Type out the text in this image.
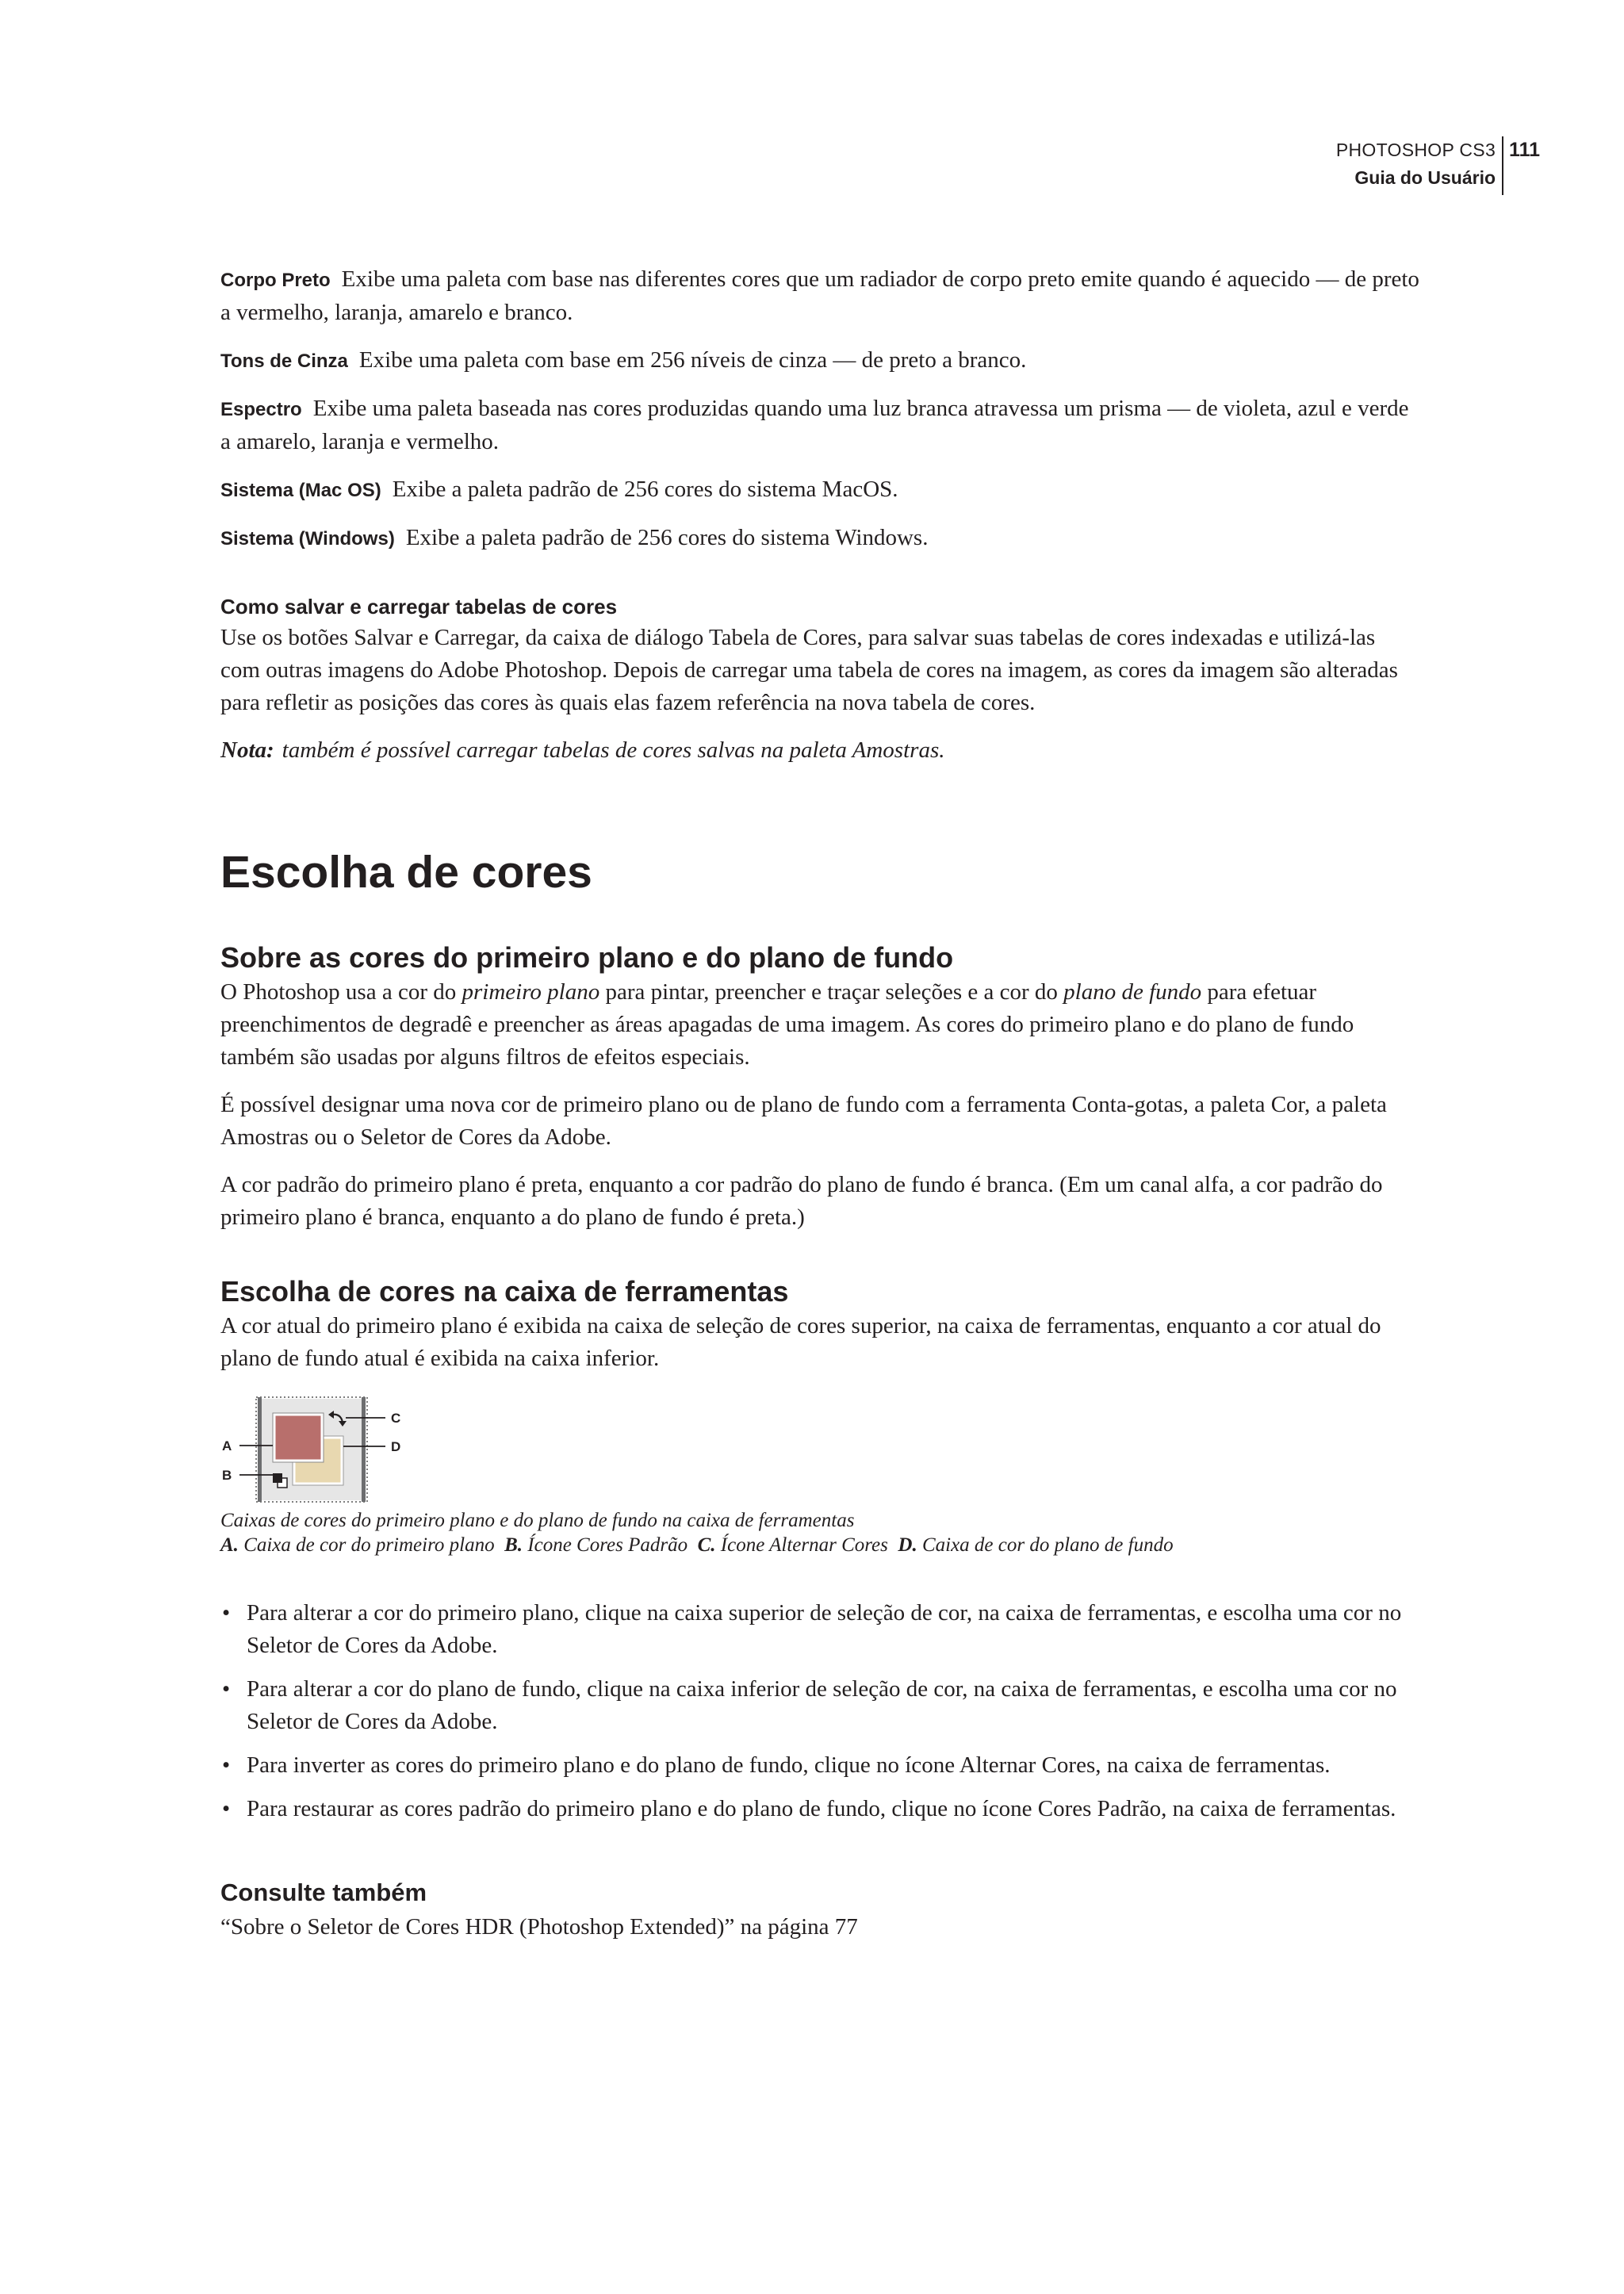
PHOTOSHOP CS3
Guia do Usuário
111

Corpo Preto Exibe uma paleta com base nas diferentes cores que um radiador de corpo preto emite quando é aquecido — de preto a vermelho, laranja, amarelo e branco.

Tons de Cinza Exibe uma paleta com base em 256 níveis de cinza — de preto a branco.

Espectro Exibe uma paleta baseada nas cores produzidas quando uma luz branca atravessa um prisma — de violeta, azul e verde a amarelo, laranja e vermelho.

Sistema (Mac OS) Exibe a paleta padrão de 256 cores do sistema MacOS.

Sistema (Windows) Exibe a paleta padrão de 256 cores do sistema Windows.

Como salvar e carregar tabelas de cores

Use os botões Salvar e Carregar, da caixa de diálogo Tabela de Cores, para salvar suas tabelas de cores indexadas e utilizá-las com outras imagens do Adobe Photoshop. Depois de carregar uma tabela de cores na imagem, as cores da imagem são alteradas para refletir as posições das cores às quais elas fazem referência na nova tabela de cores.

Nota: também é possível carregar tabelas de cores salvas na paleta Amostras.

Escolha de cores
Sobre as cores do primeiro plano e do plano de fundo

O Photoshop usa a cor do primeiro plano para pintar, preencher e traçar seleções e a cor do plano de fundo para efetuar preenchimentos de degradê e preencher as áreas apagadas de uma imagem. As cores do primeiro plano e do plano de fundo também são usadas por alguns filtros de efeitos especiais.

É possível designar uma nova cor de primeiro plano ou de plano de fundo com a ferramenta Conta-gotas, a paleta Cor, a paleta Amostras ou o Seletor de Cores da Adobe.

A cor padrão do primeiro plano é preta, enquanto a cor padrão do plano de fundo é branca. (Em um canal alfa, a cor padrão do primeiro plano é branca, enquanto a do plano de fundo é preta.)

Escolha de cores na caixa de ferramentas

A cor atual do primeiro plano é exibida na caixa de seleção de cores superior, na caixa de ferramentas, enquanto a cor atual do plano de fundo atual é exibida na caixa inferior.

A
B
C
D
Caixas de cores do primeiro plano e do plano de fundo na caixa de ferramentas
A. Caixa de cor do primeiro plano B. Ícone Cores Padrão C. Ícone Alternar Cores D. Caixa de cor do plano de fundo
• Para alterar a cor do primeiro plano, clique na caixa superior de seleção de cor, na caixa de ferramentas, e escolha uma cor no Seletor de Cores da Adobe.
• Para alterar a cor do plano de fundo, clique na caixa inferior de seleção de cor, na caixa de ferramentas, e escolha uma cor no Seletor de Cores da Adobe.
• Para inverter as cores do primeiro plano e do plano de fundo, clique no ícone Alternar Cores, na caixa de ferramentas.
• Para restaurar as cores padrão do primeiro plano e do plano de fundo, clique no ícone Cores Padrão, na caixa de ferramentas.
Consulte também

“Sobre o Seletor de Cores HDR (Photoshop Extended)” na página 77
